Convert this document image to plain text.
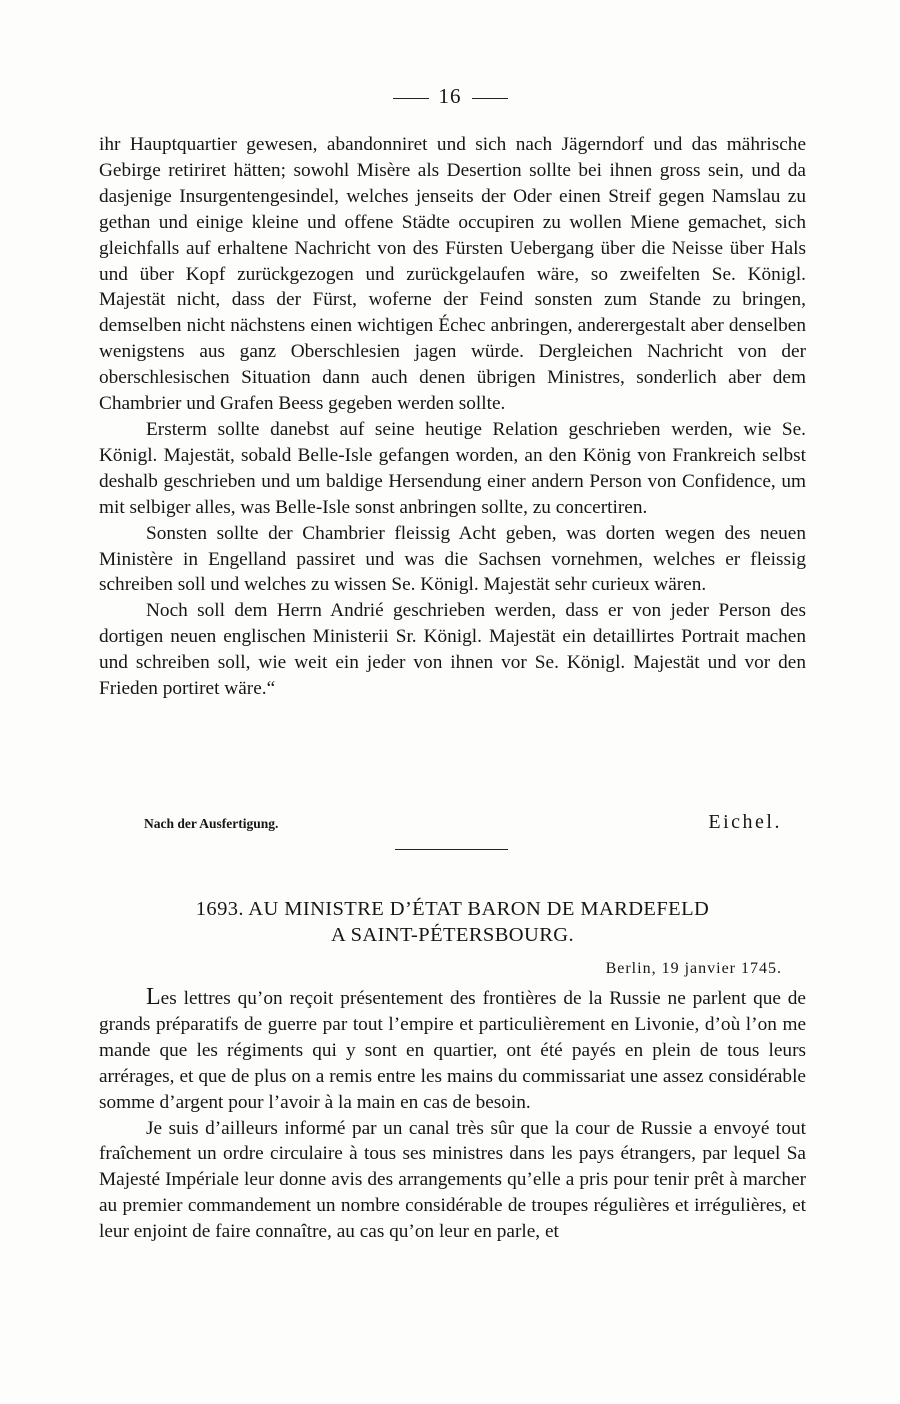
16

ihr Hauptquartier gewesen, abandonniret und sich nach Jägerndorf und das mährische Gebirge retiriret hätten; sowohl Misère als Desertion sollte bei ihnen gross sein, und da dasjenige Insurgentengesindel, welches jenseits der Oder einen Streif gegen Namslau zu gethan und einige kleine und offene Städte occupiren zu wollen Miene gemachet, sich gleichfalls auf erhaltene Nachricht von des Fürsten Uebergang über die Neisse über Hals und über Kopf zurückgezogen und zurückgelaufen wäre, so zweifelten Se. Königl. Majestät nicht, dass der Fürst, woferne der Feind sonsten zum Stande zu bringen, demselben nicht nächstens einen wichtigen Échec anbringen, anderergestalt aber denselben wenigstens aus ganz Oberschlesien jagen würde. Dergleichen Nachricht von der oberschlesischen Situation dann auch denen übrigen Ministres, sonderlich aber dem Chambrier und Grafen Beess gegeben werden sollte.

Ersterm sollte danebst auf seine heutige Relation geschrieben werden, wie Se. Königl. Majestät, sobald Belle-Isle gefangen worden, an den König von Frankreich selbst deshalb geschrieben und um baldige Hersendung einer andern Person von Confidence, um mit selbiger alles, was Belle-Isle sonst anbringen sollte, zu concertiren.

Sonsten sollte der Chambrier fleissig Acht geben, was dorten wegen des neuen Ministère in Engelland passiret und was die Sachsen vornehmen, welches er fleissig schreiben soll und welches zu wissen Se. Königl. Majestät sehr curieux wären.

Noch soll dem Herrn Andrié geschrieben werden, dass er von jeder Person des dortigen neuen englischen Ministerii Sr. Königl. Majestät ein detaillirtes Portrait machen und schreiben soll, wie weit ein jeder von ihnen vor Se. Königl. Majestät und vor den Frieden portiret wäre.“

Nach der Ausfertigung.	Eichel.
1693. AU MINISTRE D’ÉTAT BARON DE MARDEFELD
A SAINT-PÉTERSBOURG.
Berlin, 19 janvier 1745.

Les lettres qu’on reçoit présentement des frontières de la Russie ne parlent que de grands préparatifs de guerre par tout l’empire et particulièrement en Livonie, d’où l’on me mande que les régiments qui y sont en quartier, ont été payés en plein de tous leurs arrérages, et que de plus on a remis entre les mains du commissariat une assez considérable somme d’argent pour l’avoir à la main en cas de besoin.

Je suis d’ailleurs informé par un canal très sûr que la cour de Russie a envoyé tout fraîchement un ordre circulaire à tous ses ministres dans les pays étrangers, par lequel Sa Majesté Impériale leur donne avis des arrangements qu’elle a pris pour tenir prêt à marcher au premier commandement un nombre considérable de troupes régulières et irrégulières, et leur enjoint de faire connaître, au cas qu’on leur en parle, et
